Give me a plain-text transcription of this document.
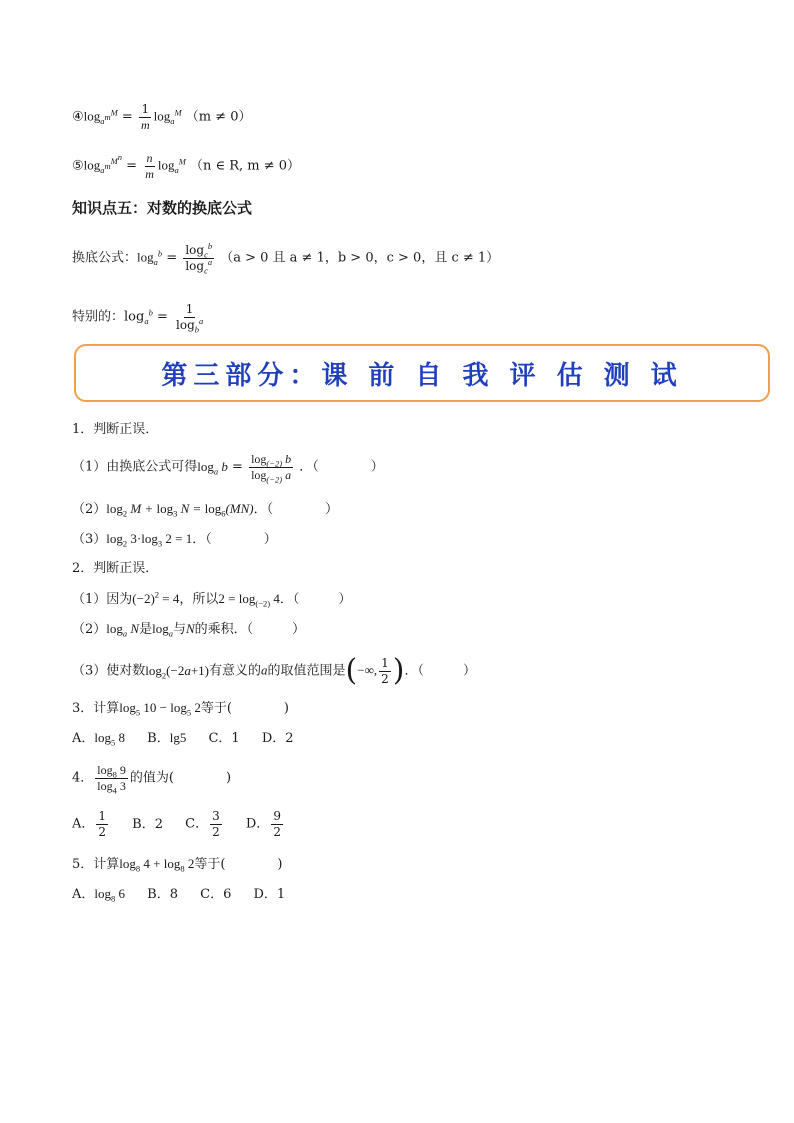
$④\log_{a^m}^M = \frac{1}{m} \log_a^M (m \ne 0)$
$⑤\log_{a^m}^{M^n} = \frac{n}{m} \log_a^M (n$ ∈ R, m ≠ 0）
知识点五：对数的换底公式
换底公式：$\log_a^b = \frac{\log_c^b}{\log_c^a} (a > 0$ 且 a ≠ 1，b > 0，c > 0，且 c ≠ 1）
特别的：$\log_a^b = \frac{1}{\log_b^a}$
第三部分：课 前 自 我 评 估 测 试
1．判断正误．
（1）由换底公式可得$\log_a b = \frac{\log_{(-2)} b}{\log_{(-2)} a}$ ．（　　　　）
$(2)\log_2$ $M + \log_3 N = \log_6(MN)$．（　　　　）
$(3)\log_2$ $3\cdot\log_3$ 2 = 1．（　　　　）
2．判断正误．
（1）因为$(-2)^2 = 4$，所以$2 = \log_{(-2)} 4$．（　　　）
$(2)\log_a$ N是$\log_a$与N的乘积．（　　　）
（3）使对数$\log_2(-2a+1)$有意义的a的取值范围是(−∞, $\frac{1}{2}$ )．（　　　）
3．计算$\log_5 10 - \log_5 2$等于(　　　　)
A．$\log_5 8$ B．lg5 C．1 D．2
4． $\frac{\log_8 9}{\log_4 3}$ 的值为(　　　　)
A． $\frac{1}{2}$ B．2 C． $\frac{3}{2}$ D． $\frac{9}{2}$
5．计算$\log_8 4 + \log_8 2$等于(　　　　)
A．$\log_8 6$ B．8 C．6 D．1
